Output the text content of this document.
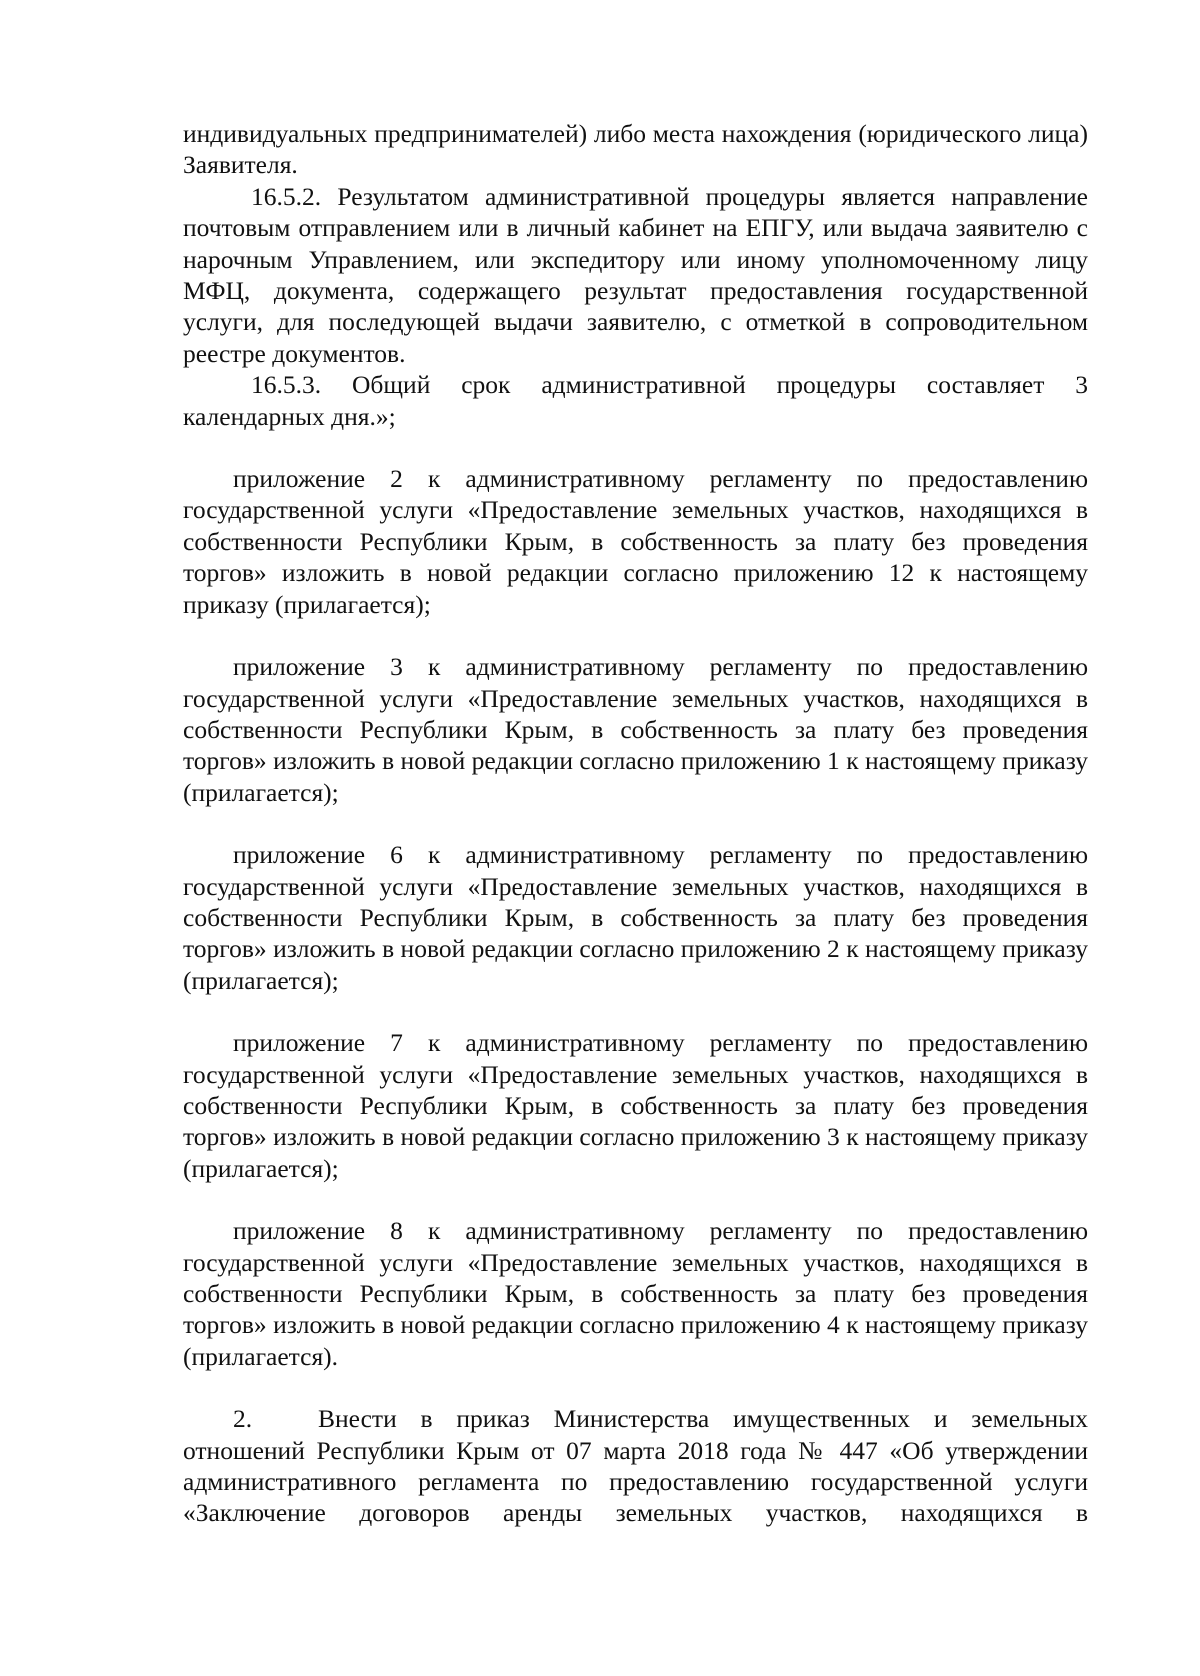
индивидуальных предпринимателей) либо места нахождения (юридического лица) Заявителя.

16.5.2. Результатом административной процедуры является направление почтовым отправлением или в личный кабинет на ЕПГУ, или выдача заявителю с нарочным Управлением, или экспедитору или иному уполномоченному лицу МФЦ, документа, содержащего результат предоставления государственной услуги, для последующей выдачи заявителю, с отметкой в сопроводительном реестре документов.

16.5.3. Общий срок административной процедуры составляет 3 календарных дня.»;

приложение 2 к административному регламенту по предоставлению государственной услуги «Предоставление земельных участков, находящихся в собственности Республики Крым, в собственность за плату без проведения торгов» изложить в новой редакции согласно приложению 12 к настоящему приказу (прилагается);

приложение 3 к административному регламенту по предоставлению государственной услуги «Предоставление земельных участков, находящихся в собственности Республики Крым, в собственность за плату без проведения торгов» изложить в новой редакции согласно приложению 1 к настоящему приказу (прилагается);

приложение 6 к административному регламенту по предоставлению государственной услуги «Предоставление земельных участков, находящихся в собственности Республики Крым, в собственность за плату без проведения торгов» изложить в новой редакции согласно приложению 2 к настоящему приказу (прилагается);

приложение 7 к административному регламенту по предоставлению государственной услуги «Предоставление земельных участков, находящихся в собственности Республики Крым, в собственность за плату без проведения торгов» изложить в новой редакции согласно приложению 3 к настоящему приказу (прилагается);

приложение 8 к административному регламенту по предоставлению государственной услуги «Предоставление земельных участков, находящихся в собственности Республики Крым, в собственность за плату без проведения торгов» изложить в новой редакции согласно приложению 4 к настоящему приказу (прилагается).

2.	Внести в приказ Министерства имущественных и земельных отношений Республики Крым от 07 марта 2018 года № 447 «Об утверждении административного регламента по предоставлению государственной услуги «Заключение договоров аренды земельных участков, находящихся в
